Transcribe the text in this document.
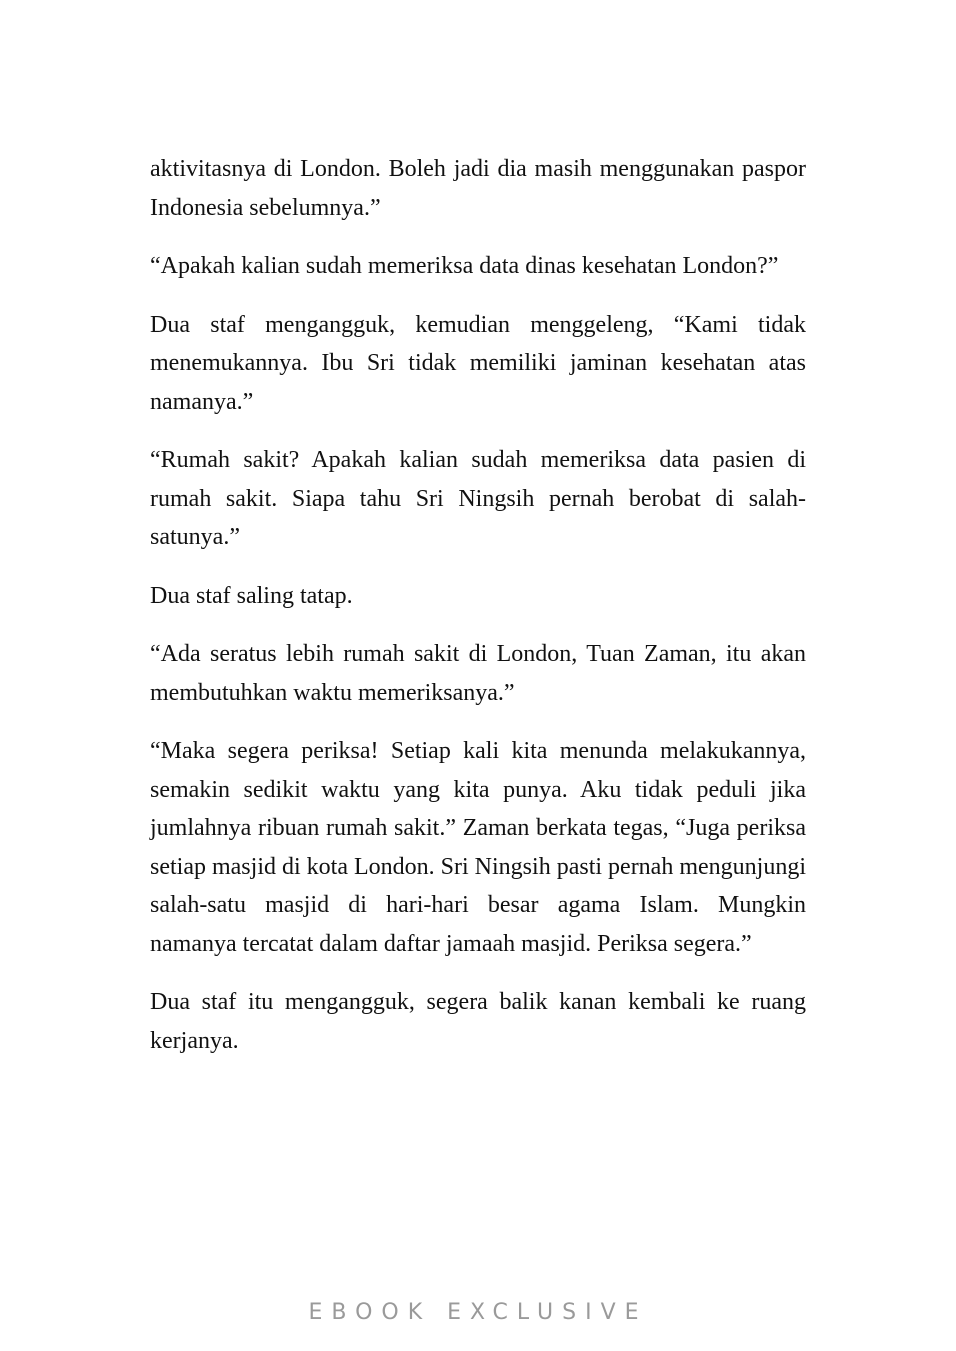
aktivitasnya di London. Boleh jadi dia masih menggunakan paspor Indonesia sebelumnya.”

“Apakah kalian sudah memeriksa data dinas kesehatan London?”

Dua staf mengangguk, kemudian menggeleng, “Kami tidak menemukannya. Ibu Sri tidak memiliki jaminan kesehatan atas namanya.”

“Rumah sakit? Apakah kalian sudah memeriksa data pasien di rumah sakit. Siapa tahu Sri Ningsih pernah berobat di salah-satunya.”

Dua staf saling tatap.

“Ada seratus lebih rumah sakit di London, Tuan Zaman, itu akan membutuhkan waktu memeriksanya.”

“Maka segera periksa! Setiap kali kita menunda melakukannya, semakin sedikit waktu yang kita punya. Aku tidak peduli jika jumlahnya ribuan rumah sakit.” Zaman berkata tegas, “Juga periksa setiap masjid di kota London. Sri Ningsih pasti pernah mengunjungi salah-satu masjid di hari-hari besar agama Islam. Mungkin namanya tercatat dalam daftar jamaah masjid. Periksa segera.”

Dua staf itu mengangguk, segera balik kanan kembali ke ruang kerjanya.

EBOOK EXCLUSIVE
